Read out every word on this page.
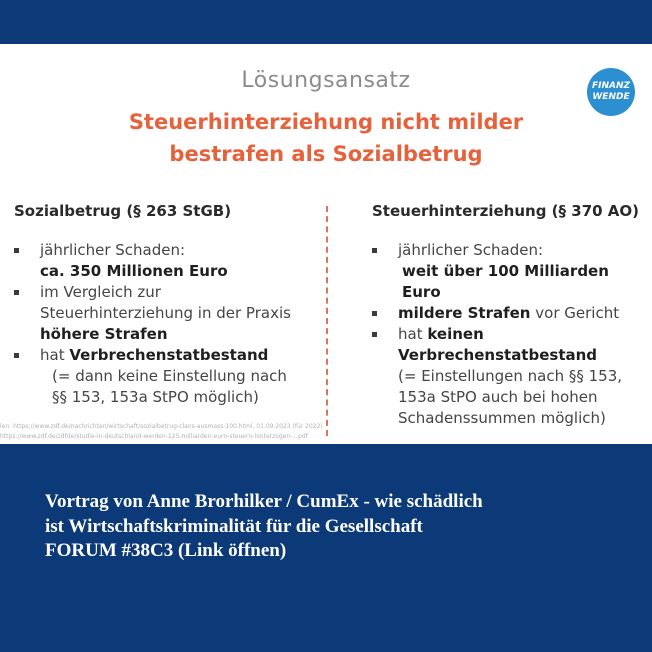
Lösungsansatz
Steuerhinterziehung nicht milder
bestrafen als Sozialbetrug
FINANZ
WENDE
Sozialbetrug (§ 263 StGB)
jährlicher Schaden:
ca. 350 Millionen Euro
im Vergleich zur
Steuerhinterziehung in der Praxis
höhere Strafen
hat Verbrechenstatbestand
(= dann keine Einstellung nach
§§ 153, 153a StPO möglich)
Steuerhinterziehung (§ 370 AO)
jährlicher Schaden:
weit über 100 Milliarden Euro
mildere Strafen vor Gericht
hat keinen
Verbrechenstatbestand
(= Einstellungen nach §§ 153,
153a StPO auch bei hohen
Schadenssummen möglich)
len: https://www.zdf.de/nachrichten/wirtschaft/sozialbetrug-clans-ausmass-100.html, 01.09.2023 (für 2022)
https://www.zdf.de/zdfde/studie-in-deutschland-werden-125-milliarden-euro-steuern-hinterzogen-...pdf
Vortrag von Anne Brorhilker / CumEx - wie schädlich
ist Wirtschaftskriminalität für die Gesellschaft
FORUM #38C3 (Link öffnen)
